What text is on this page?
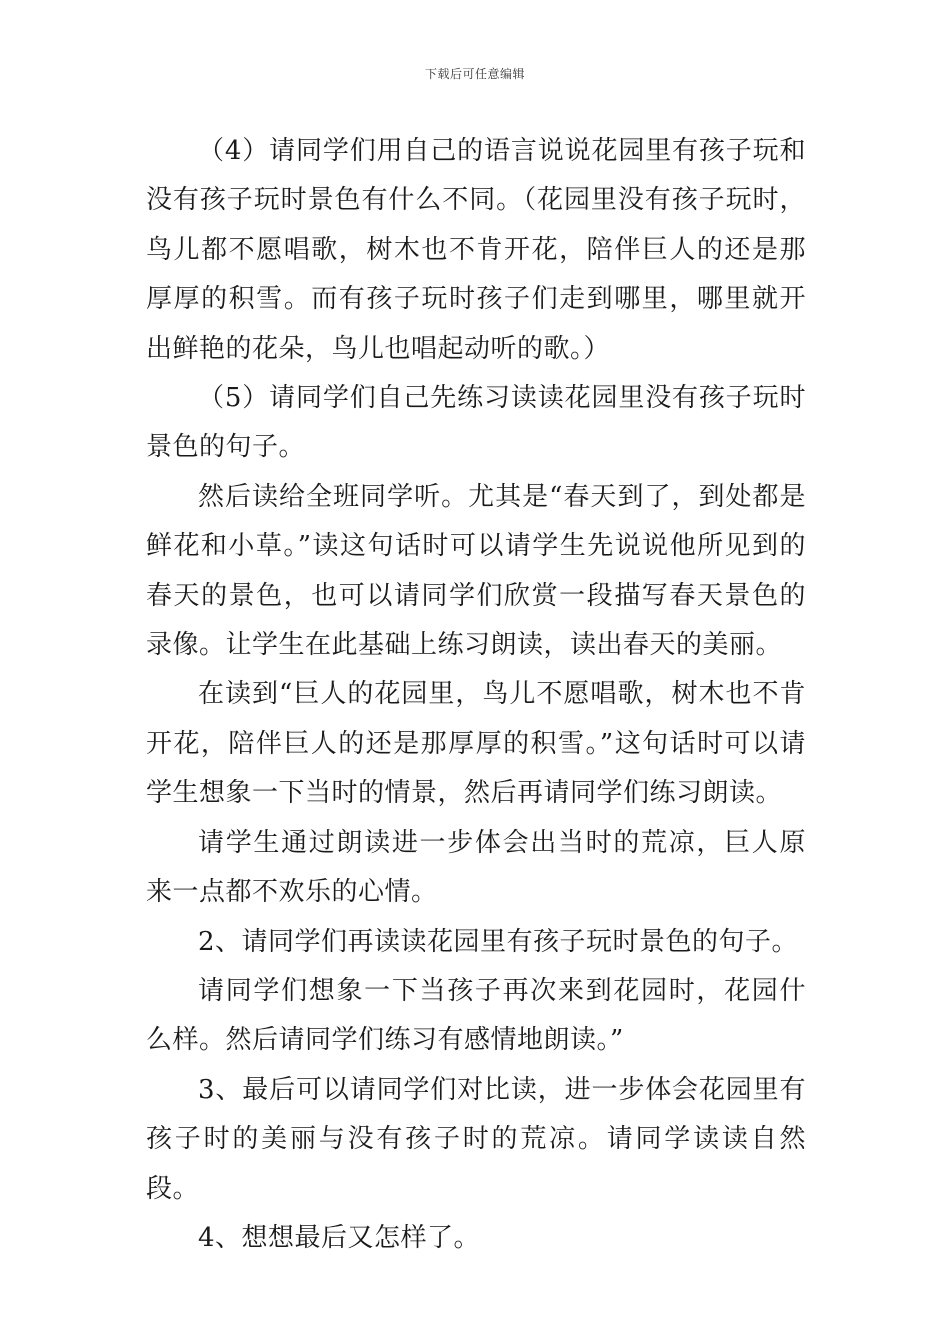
下载后可任意编辑

（4）请同学们用自己的语言说说花园里有孩子玩和没有孩子玩时景色有什么不同。（花园里没有孩子玩时，鸟儿都不愿唱歌，树木也不肯开花，陪伴巨人的还是那厚厚的积雪。而有孩子玩时孩子们走到哪里，哪里就开出鲜艳的花朵，鸟儿也唱起动听的歌。）

（5）请同学们自己先练习读读花园里没有孩子玩时景色的句子。

然后读给全班同学听。尤其是“春天到了，到处都是鲜花和小草。”读这句话时可以请学生先说说他所见到的春天的景色，也可以请同学们欣赏一段描写春天景色的录像。让学生在此基础上练习朗读，读出春天的美丽。

在读到“巨人的花园里，鸟儿不愿唱歌，树木也不肯开花，陪伴巨人的还是那厚厚的积雪。”这句话时可以请学生想象一下当时的情景，然后再请同学们练习朗读。

请学生通过朗读进一步体会出当时的荒凉，巨人原来一点都不欢乐的心情。

2、请同学们再读读花园里有孩子玩时景色的句子。

请同学们想象一下当孩子再次来到花园时，花园什么样。然后请同学们练习有感情地朗读。”

3、最后可以请同学们对比读，进一步体会花园里有孩子时的美丽与没有孩子时的荒凉。请同学读读自然段。

4、想想最后又怎样了。
